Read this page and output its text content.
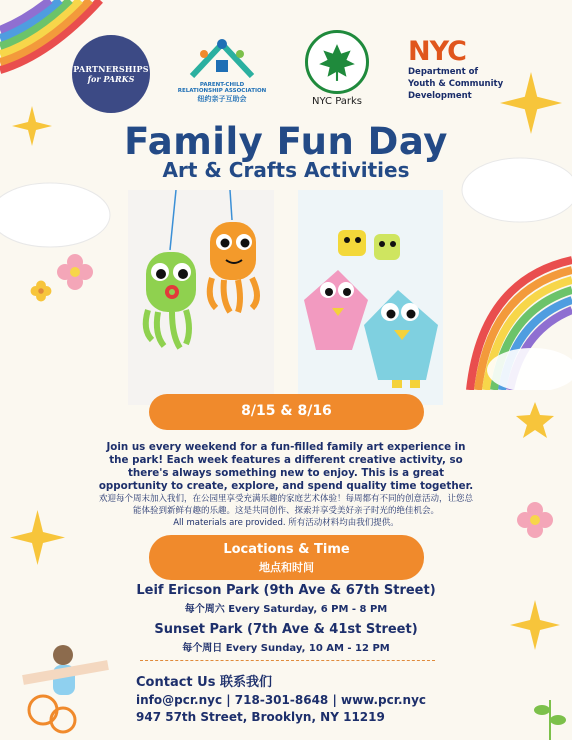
PARTNERSHIPS
for PARKS
PARENT-CHILD
RELATIONSHIP ASSOCIATION
纽约亲子互助会	NYC Parks
NYC
Department of
Youth & Community
Development
Family Fun Day
Art & Crafts Activities
8/15 & 8/16
Join us every weekend for a fun-filled family art experience in the park! Each week features a different creative activity, so there's always something new to enjoy. This is a great opportunity to create, explore, and spend quality time together.
欢迎每个周末加入我们，在公园里享受充满乐趣的家庭艺术体验！每周都有不同的创意活动，让您总能体验到新鲜有趣的乐趣。这是共同创作、探索并享受美好亲子时光的绝佳机会。
All materials are provided. 所有活动材料均由我们提供。
Locations & Time
地点和时间
Leif Ericson Park (9th Ave & 67th Street)
每个周六 Every Saturday, 6 PM - 8 PM
Sunset Park (7th Ave & 41st Street)
每个周日 Every Sunday, 10 AM - 12 PM
Contact Us 联系我们
info@pcr.nyc | 718-301-8648 | www.pcr.nyc
947 57th Street, Brooklyn, NY 11219
